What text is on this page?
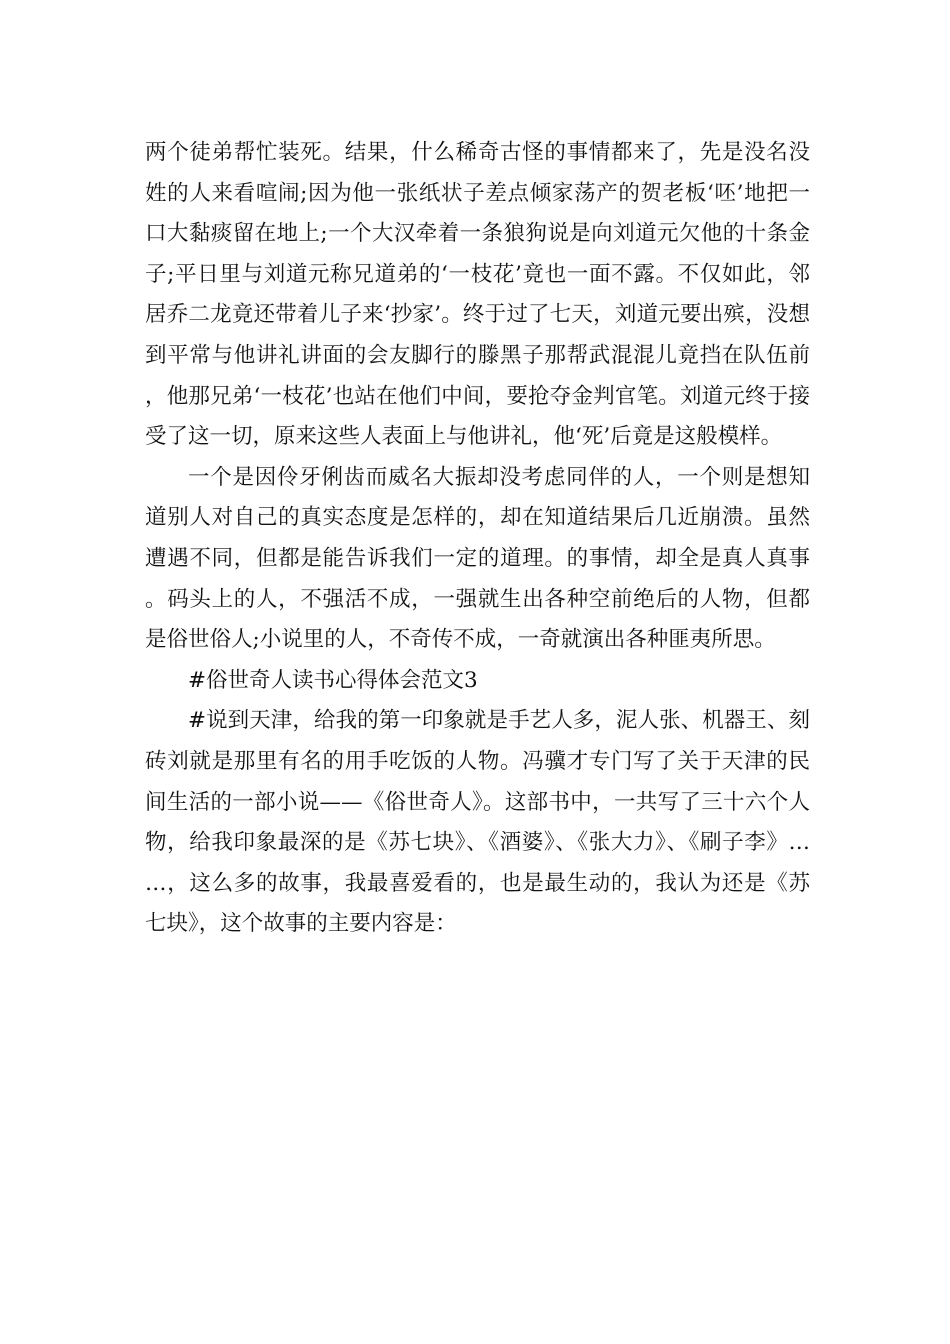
两个徒弟帮忙装死。结果，什么稀奇古怪的事情都来了，先是没名没姓的人来看喧闹;因为他一张纸状子差点倾家荡产的贺老板‘呸’地把一口大黏痰留在地上;一个大汉牵着一条狼狗说是向刘道元欠他的十条金子;平日里与刘道元称兄道弟的‘一枝花’竟也一面不露。不仅如此，邻居乔二龙竟还带着儿子来‘抄家’。终于过了七天，刘道元要出殡，没想到平常与他讲礼讲面的会友脚行的滕黑子那帮武混混儿竟挡在队伍前，他那兄弟‘一枝花’也站在他们中间，要抢夺金判官笔。刘道元终于接受了这一切，原来这些人表面上与他讲礼，他‘死’后竟是这般模样。

一个是因伶牙俐齿而威名大振却没考虑同伴的人，一个则是想知道别人对自己的真实态度是怎样的，却在知道结果后几近崩溃。虽然遭遇不同，但都是能告诉我们一定的道理。的事情，却全是真人真事。码头上的人，不强活不成，一强就生出各种空前绝后的人物，但都是俗世俗人;小说里的人，不奇传不成，一奇就演出各种匪夷所思。

#俗世奇人读书心得体会范文3

#说到天津，给我的第一印象就是手艺人多，泥人张、机器王、刻砖刘就是那里有名的用手吃饭的人物。冯骥才专门写了关于天津的民间生活的一部小说——《俗世奇人》。这部书中，一共写了三十六个人物，给我印象最深的是《苏七块》、《酒婆》、《张大力》、《刷子李》……，这么多的故事，我最喜爱看的，也是最生动的，我认为还是《苏七块》，这个故事的主要内容是：
